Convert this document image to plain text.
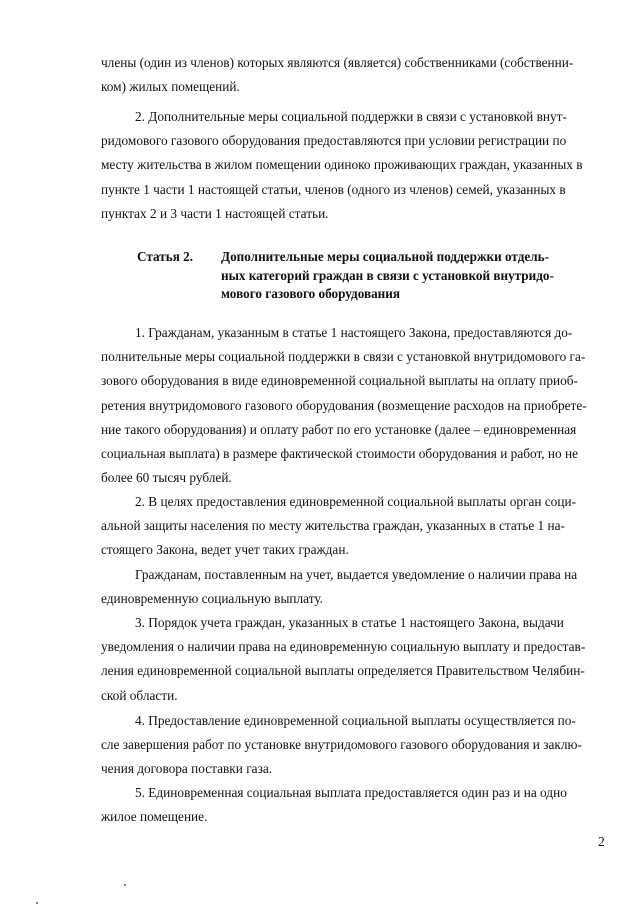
члены (один из членов) которых являются (является) собственниками (собственни-

ком) жилых помещений.

2. Дополнительные меры социальной поддержки в связи с установкой внут-

ридомового газового оборудования предоставляются при условии регистрации по

месту жительства в жилом помещении одиноко проживающих граждан, указанных в

пункте 1 части 1 настоящей статьи, членов (одного из членов) семей, указанных в

пунктах 2 и 3 части 1 настоящей статьи.

Статья 2. Дополнительные меры социальной поддержки отдель-
ных категорий граждан в связи с установкой внутридо-
мового газового оборудования

1. Гражданам, указанным в статье 1 настоящего Закона, предоставляются до-

полнительные меры социальной поддержки в связи с установкой внутридомового га-

зового оборудования в виде единовременной социальной выплаты на оплату приоб-

ретения внутридомового газового оборудования (возмещение расходов на приобрете-

ние такого оборудования) и оплату работ по его установке (далее – единовременная

социальная выплата) в размере фактической стоимости оборудования и работ, но не

более 60 тысяч рублей.

2. В целях предоставления единовременной социальной выплаты орган соци-

альной защиты населения по месту жительства граждан, указанных в статье 1 на-

стоящего Закона, ведет учет таких граждан.

Гражданам, поставленным на учет, выдается уведомление о наличии права на

единовременную социальную выплату.

3. Порядок учета граждан, указанных в статье 1 настоящего Закона, выдачи

уведомления о наличии права на единовременную социальную выплату и предостав-

ления единовременной социальной выплаты определяется Правительством Челябин-

ской области.

4. Предоставление единовременной социальной выплаты осуществляется по-

сле завершения работ по установке внутридомового газового оборудования и заклю-

чения договора поставки газа.

5. Единовременная социальная выплата предоставляется один раз и на одно

жилое помещение.

2
